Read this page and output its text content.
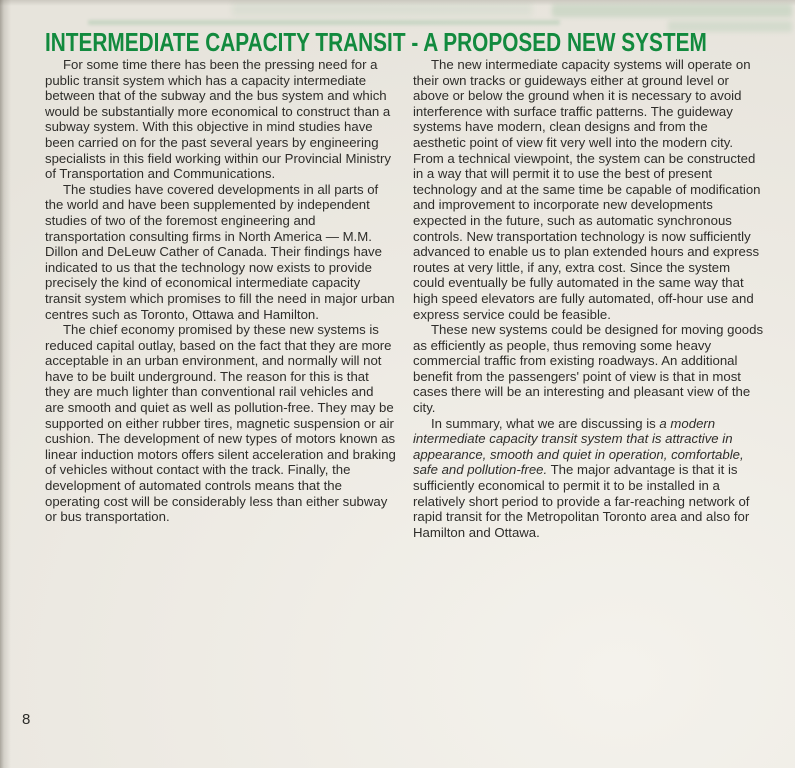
INTERMEDIATE CAPACITY TRANSIT - A PROPOSED NEW SYSTEM

For some time there has been the pressing need for a public transit system which has a capacity intermediate between that of the subway and the bus system and which would be substantially more economical to construct than a subway system. With this objective in mind studies have been carried on for the past several years by engineering specialists in this field working within our Provincial Ministry of Transportation and Communications.

The studies have covered developments in all parts of the world and have been supplemented by independent studies of two of the foremost engineering and transportation consulting firms in North America — M.M. Dillon and DeLeuw Cather of Canada. Their findings have indicated to us that the technology now exists to provide precisely the kind of economical intermediate capacity transit system which promises to fill the need in major urban centres such as Toronto, Ottawa and Hamilton.

The chief economy promised by these new systems is reduced capital outlay, based on the fact that they are more acceptable in an urban environment, and normally will not have to be built underground. The reason for this is that they are much lighter than conventional rail vehicles and are smooth and quiet as well as pollution-free. They may be supported on either rubber tires, magnetic suspension or air cushion. The development of new types of motors known as linear induction motors offers silent acceleration and braking of vehicles without contact with the track. Finally, the development of automated controls means that the operating cost will be considerably less than either subway or bus transportation.

The new intermediate capacity systems will operate on their own tracks or guideways either at ground level or above or below the ground when it is necessary to avoid interference with surface traffic patterns. The guideway systems have modern, clean designs and from the aesthetic point of view fit very well into the modern city. From a technical viewpoint, the system can be constructed in a way that will permit it to use the best of present technology and at the same time be capable of modification and improvement to incorporate new developments expected in the future, such as automatic synchronous controls. New transportation technology is now sufficiently advanced to enable us to plan extended hours and express routes at very little, if any, extra cost. Since the system could eventually be fully automated in the same way that high speed elevators are fully automated, off-hour use and express service could be feasible.

These new systems could be designed for moving goods as efficiently as people, thus removing some heavy commercial traffic from existing roadways. An additional benefit from the passengers' point of view is that in most cases there will be an interesting and pleasant view of the city.

In summary, what we are discussing is a modern intermediate capacity transit system that is attractive in appearance, smooth and quiet in operation, comfortable, safe and pollution-free. The major advantage is that it is sufficiently economical to permit it to be installed in a relatively short period to provide a far-reaching network of rapid transit for the Metropolitan Toronto area and also for Hamilton and Ottawa.

8
